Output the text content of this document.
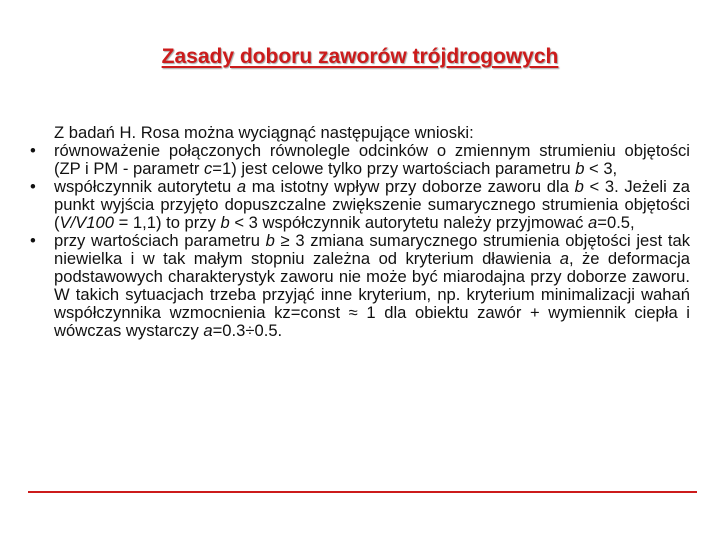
Zasady doboru zaworów trójdrogowych
Z badań H. Rosa można wyciągnąć następujące wnioski:
• równoważenie połączonych równolegle odcinków o zmiennym strumieniu objętości (ZP i PM - parametr c=1) jest celowe tylko przy wartościach parametru b < 3,
• współczynnik autorytetu a ma istotny wpływ przy doborze zaworu dla b < 3. Jeżeli za punkt wyjścia przyjęto dopuszczalne zwiększenie sumarycznego strumienia objętości (V/V100 = 1,1) to przy b < 3 współczynnik autorytetu należy przyjmować a=0.5,
• przy wartościach parametru b ≥ 3 zmiana sumarycznego strumienia objętości jest tak niewielka i w tak małym stopniu zależna od kryterium dławienia a, że deformacja podstawowych charakterystyk zaworu nie może być miarodajna przy doborze zaworu. W takich sytuacjach trzeba przyjąć inne kryterium, np. kryterium minimalizacji wahań współczynnika wzmocnienia kz=const ≈ 1 dla obiektu zawór + wymiennik ciepła i wówczas wystarczy a=0.3÷0.5.
